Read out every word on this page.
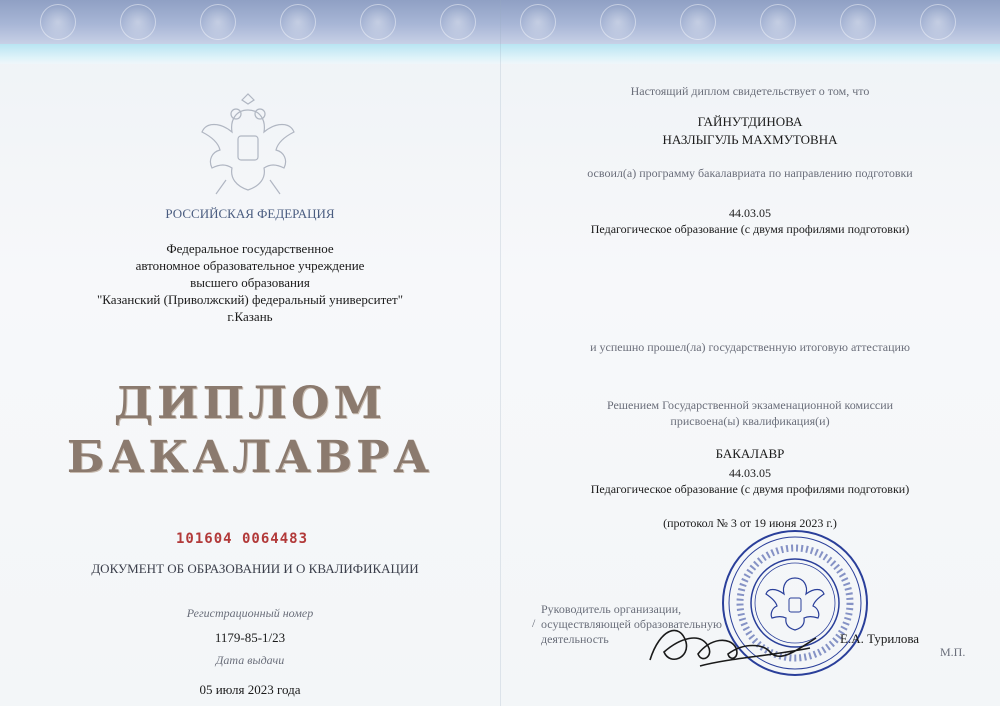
РОССИЙСКАЯ ФЕДЕРАЦИЯ
Федеральное государственное
автономное образовательное учреждение
высшего образования
"Казанский (Приволжский) федеральный университет"
г.Казань
ДИПЛОМ
БАКАЛАВРА
101604 0064483
ДОКУМЕНТ ОБ ОБРАЗОВАНИИ И О КВАЛИФИКАЦИИ
Регистрационный номер
1179-85-1/23
Дата выдачи
05 июля 2023 года
Настоящий диплом свидетельствует о том, что
ГАЙНУТДИНОВА
НАЗЛЫГУЛЬ МАХМУТОВНА
освоил(а) программу бакалавриата по направлению подготовки
44.03.05
Педагогическое образование (с двумя профилями подготовки)
и успешно прошел(ла) государственную итоговую аттестацию
Решением Государственной экзаменационной комиссии
присвоена(ы) квалификация(и)
БАКАЛАВР
44.03.05
Педагогическое образование (с двумя профилями подготовки)
(протокол № 3 от 19 июня 2023 г.)
/
Руководитель организации,
осуществляющей образовательную
деятельность	Е.А. Турилова
М.П.
